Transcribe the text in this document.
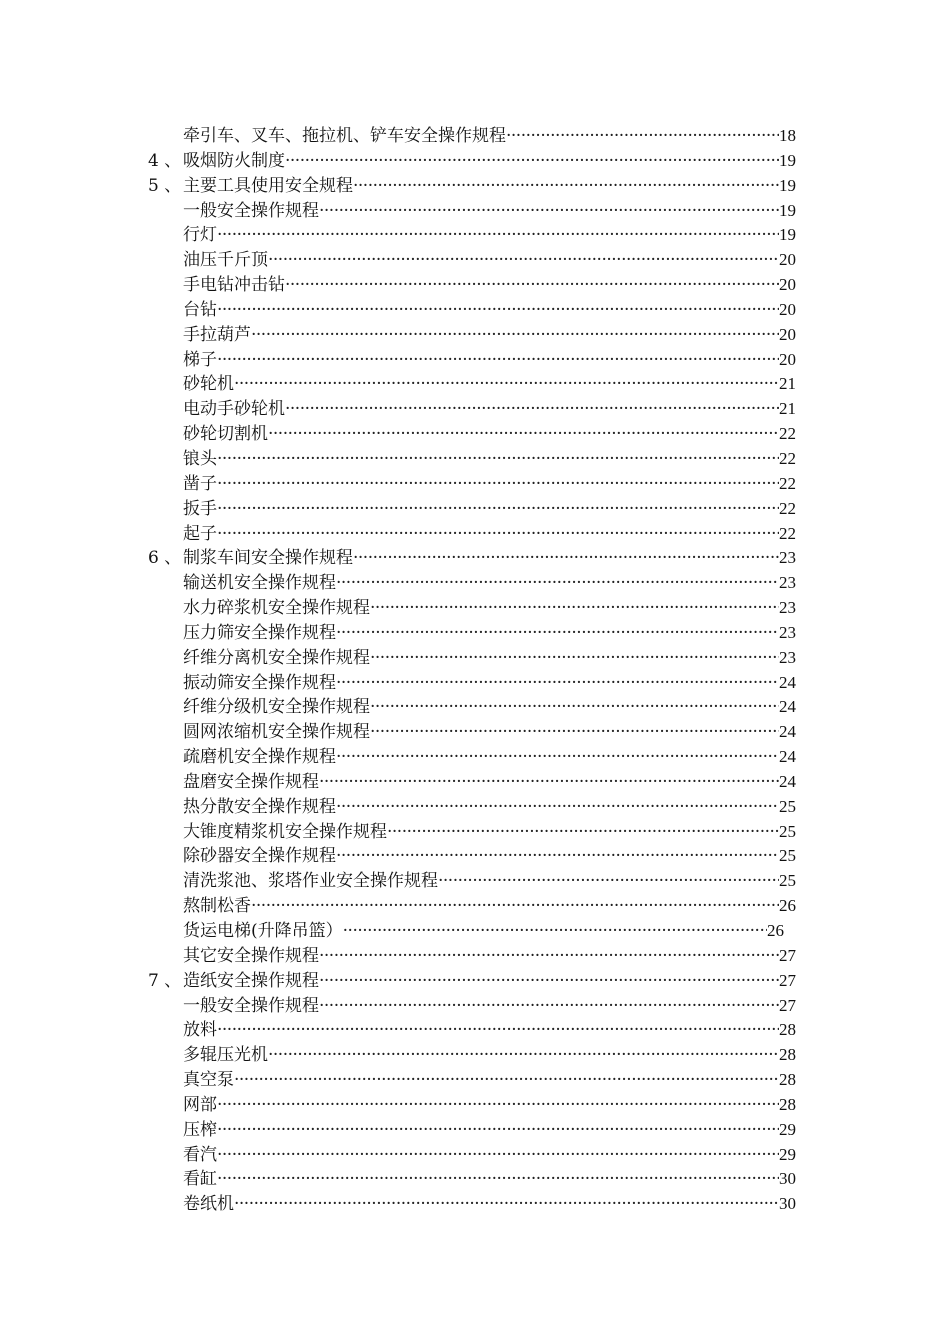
牵引车、叉车、拖拉机、铲车安全操作规程 ·····	18
4 、 吸烟防火制度 ·····	19
5 、 主要工具使用安全规程 ·····	19
一般安全操作规程 ·····	19
行灯 ·····	19
油压千斤顶 ·····	20
手电钻冲击钻 ·····	20
台钻 ·····	20
手拉葫芦 ·····	20
梯子 ·····	20
砂轮机 ·····	21
电动手砂轮机 ·····	21
砂轮切割机 ·····	22
锒头 ·····	22
凿子 ·····	22
扳手 ·····	22
起子 ·····	22
6 、 制浆车间安全操作规程 ·····	23
输送机安全操作规程 ·····	23
水力碎浆机安全操作规程 ·····	23
压力筛安全操作规程 ·····	23
纤维分离机安全操作规程 ·····	23
振动筛安全操作规程 ·····	24
纤维分级机安全操作规程 ·····	24
圆网浓缩机安全操作规程 ·····	24
疏磨机安全操作规程 ·····	24
盘磨安全操作规程 ·····	24
热分散安全操作规程 ·····	25
大锥度精浆机安全操作规程 ·····	25
除砂器安全操作规程 ·····	25
清洗浆池、浆塔作业安全操作规程 ·····	25
熬制松香 ·····	26
货运电梯(升降吊篮） ·····	26
其它安全操作规程 ·····	27
7 、 造纸安全操作规程 ·····	27
一般安全操作规程 ·····	27
放料 ·····	28
多辊压光机 ·····	28
真空泵 ·····	28
网部 ·····	28
压榨 ·····	29
看汽 ·····	29
看缸 ·····	30
卷纸机 ·····	30
